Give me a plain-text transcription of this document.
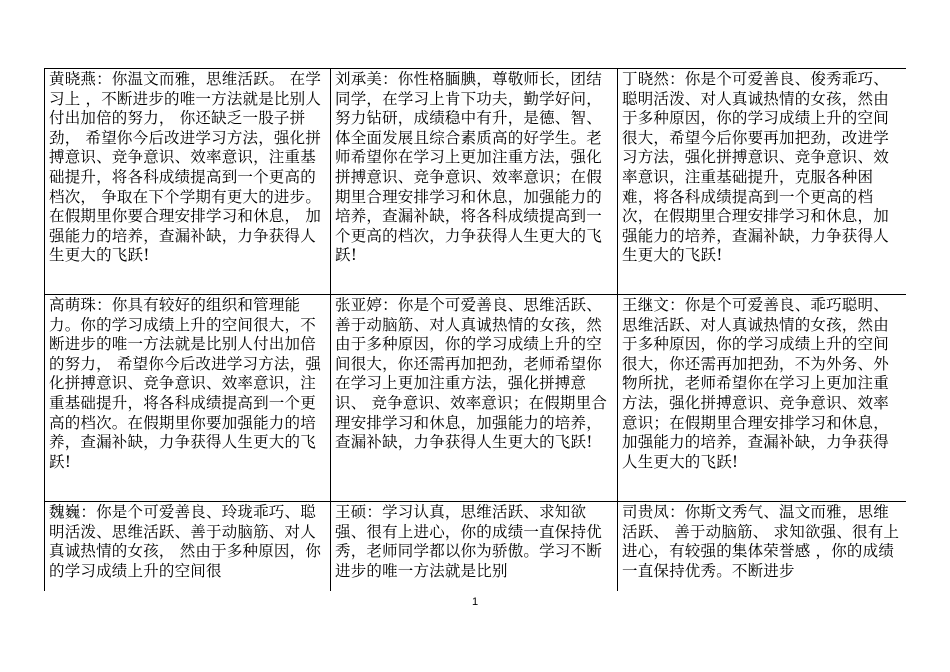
黄晓燕：你温文而雅，思维活跃。 在学习上 ，不断进步的唯一方法就是比别人付出加倍的努力， 你还缺乏一股子拼劲， 希望你今后改进学习方法，强化拼搏意识、竞争意识、效率意识，注重基础提升，将各科成绩提高到一个更高的档次， 争取在下个学期有更大的进步。 在假期里你要合理安排学习和休息， 加强能力的培养，查漏补缺，力争获得人生更大的飞跃!	刘承美：你性格腼腆，尊敬师长，团结同学，在学习上肯下功夫，勤学好问，努力钻研，成绩稳中有升，是德、智、体全面发展且综合素质高的好学生。老师希望你在学习上更加注重方法，强化拼搏意识、竞争意识、效率意识；在假期里合理安排学习和休息，加强能力的培养，查漏补缺，将各科成绩提高到一个更高的档次，力争获得人生更大的飞跃!	丁晓然：你是个可爱善良、俊秀乖巧、聪明活泼、对人真诚热情的女孩，然由于多种原因，你的学习成绩上升的空间很大，希望今后你要再加把劲，改进学习方法，强化拼搏意识、竞争意识、效率意识，注重基础提升，克服各种困难，将各科成绩提高到一个更高的档次，在假期里合理安排学习和休息，加强能力的培养，查漏补缺，力争获得人生更大的飞跃!
高萌珠：你具有较好的组织和管理能力。你的学习成绩上升的空间很大，不断进步的唯一方法就是比别人付出加倍的努力， 希望你今后改进学习方法，强化拼搏意识、竞争意识、效率意识，注重基础提升，将各科成绩提高到一个更高的档次。在假期里你要加强能力的培养，查漏补缺，力争获得人生更大的飞跃!	张亚婷：你是个可爱善良、思维活跃、善于动脑筋、对人真诚热情的女孩，然由于多种原因，你的学习成绩上升的空间很大，你还需再加把劲，老师希望你在学习上更加注重方法，强化拼搏意识、 竞争意识、效率意识；在假期里合理安排学习和休息，加强能力的培养，查漏补缺，力争获得人生更大的飞跃!	王继文：你是个可爱善良、乖巧聪明、思维活跃、对人真诚热情的女孩，然由于多种原因，你的学习成绩上升的空间很大，你还需再加把劲，不为外务、外物所扰，老师希望你在学习上更加注重方法，强化拼搏意识、竞争意识、效率意识；在假期里合理安排学习和休息，加强能力的培养，查漏补缺，力争获得人生更大的飞跃!
魏巍：你是个可爱善良、玲珑乖巧、聪明活泼、思维活跃、善于动脑筋、对人真诚热情的女孩， 然由于多种原因，你的学习成绩上升的空间很	王硕：学习认真，思维活跃、求知欲强、很有上进心，你的成绩一直保持优秀，老师同学都以你为骄傲。学习不断进步的唯一方法就是比别	司贵凤：你斯文秀气、温文而雅，思维活跃、 善于动脑筋、 求知欲强、很有上进心，有较强的集体荣誉感 ，你的成绩一直保持优秀。不断进步
1
